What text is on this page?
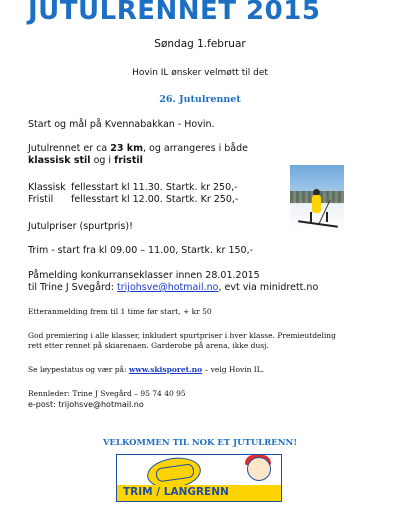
JUTULRENNET 2015
Søndag 1.februar
Hovin IL ønsker velmøtt til det
26. Jutulrennet
Start og mål på Kvennabakkan - Hovin.
Jutulrennet er ca 23 km, og arrangeres i både
klassisk stil og i fristil
Klassisk fellesstart kl 11.30. Startk. kr 250,-
Fristil fellesstart kl 12.00. Startk. Kr 250,-
Jutulpriser (spurtpris)!
Trim - start fra kl 09.00 – 11.00, Startk. kr 150,-
Påmelding konkurranseklasser innen 28.01.2015
til Trine J Svegård: trijohsve@hotmail.no, evt via minidrett.no
Etteranmelding frem til 1 time før start, + kr 50
God premiering i alle klasser, inkludert spurtpriser i hver klasse. Premieutdeling
rett etter rennet på skiarenaen. Garderobe på arena, ikke dusj.
Se løypestatus og vær på: www.skisporet.no – velg Hovin IL.
Rennleder: Trine J Svegård – 95 74 40 95
e-post: trijohsve@hotmail.no
VELKOMMEN TIL NOK ET JUTULRENN!
TRIM / LANGRENN
